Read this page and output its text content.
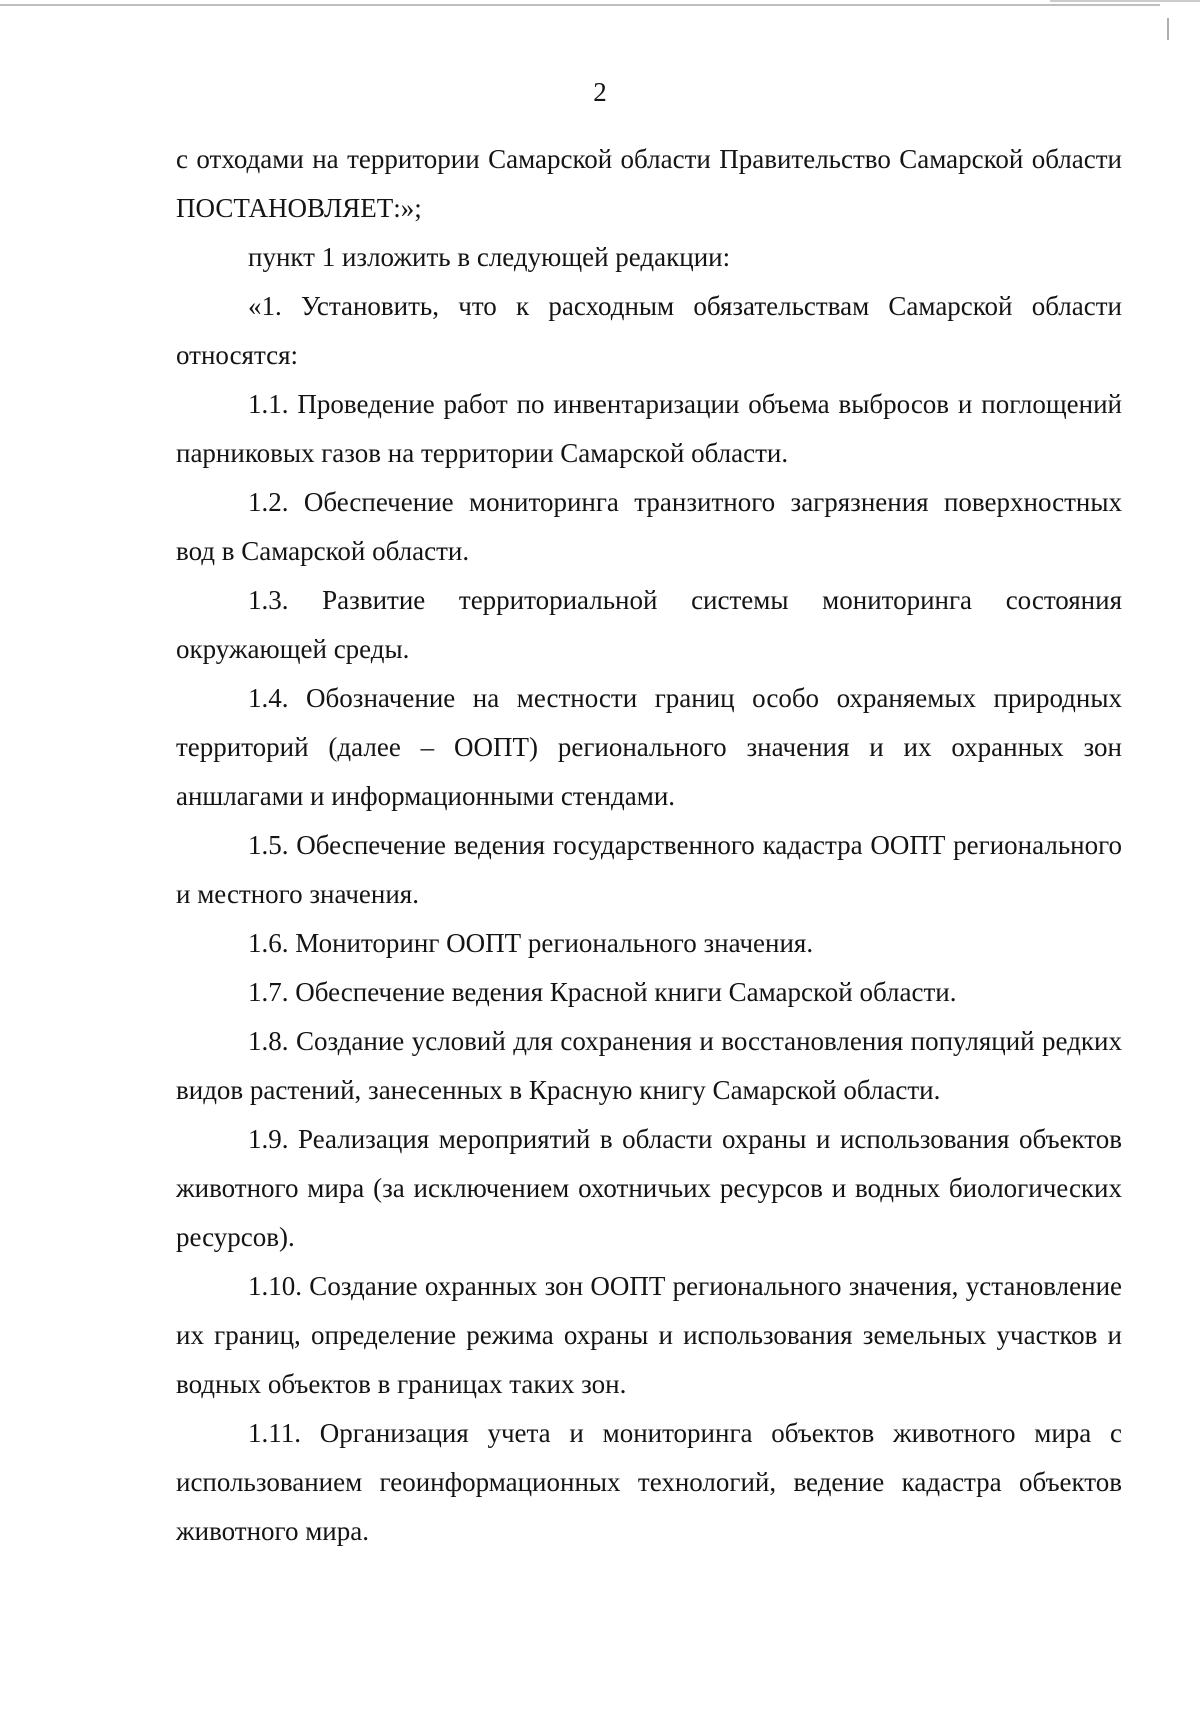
2

с отходами на территории Самарской области Правительство Самарской области ПОСТАНОВЛЯЕТ:»;

пункт 1 изложить в следующей редакции:

«1. Установить, что к расходным обязательствам Самарской области относятся:

1.1. Проведение работ по инвентаризации объема выбросов и поглощений парниковых газов на территории Самарской области.

1.2. Обеспечение мониторинга транзитного загрязнения поверхностных вод в Самарской области.

1.3. Развитие территориальной системы мониторинга состояния окружающей среды.

1.4. Обозначение на местности границ особо охраняемых природных территорий (далее – ООПТ) регионального значения и их охранных зон аншлагами и информационными стендами.

1.5. Обеспечение ведения государственного кадастра ООПТ регионального и местного значения.

1.6. Мониторинг ООПТ регионального значения.

1.7. Обеспечение ведения Красной книги Самарской области.

1.8. Создание условий для сохранения и восстановления популяций редких видов растений, занесенных в Красную книгу Самарской области.

1.9. Реализация мероприятий в области охраны и использования объектов животного мира (за исключением охотничьих ресурсов и водных биологических ресурсов).

1.10. Создание охранных зон ООПТ регионального значения, установление их границ, определение режима охраны и использования земельных участков и водных объектов в границах таких зон.

1.11. Организация учета и мониторинга объектов животного мира с использованием геоинформационных технологий, ведение кадастра объектов животного мира.
